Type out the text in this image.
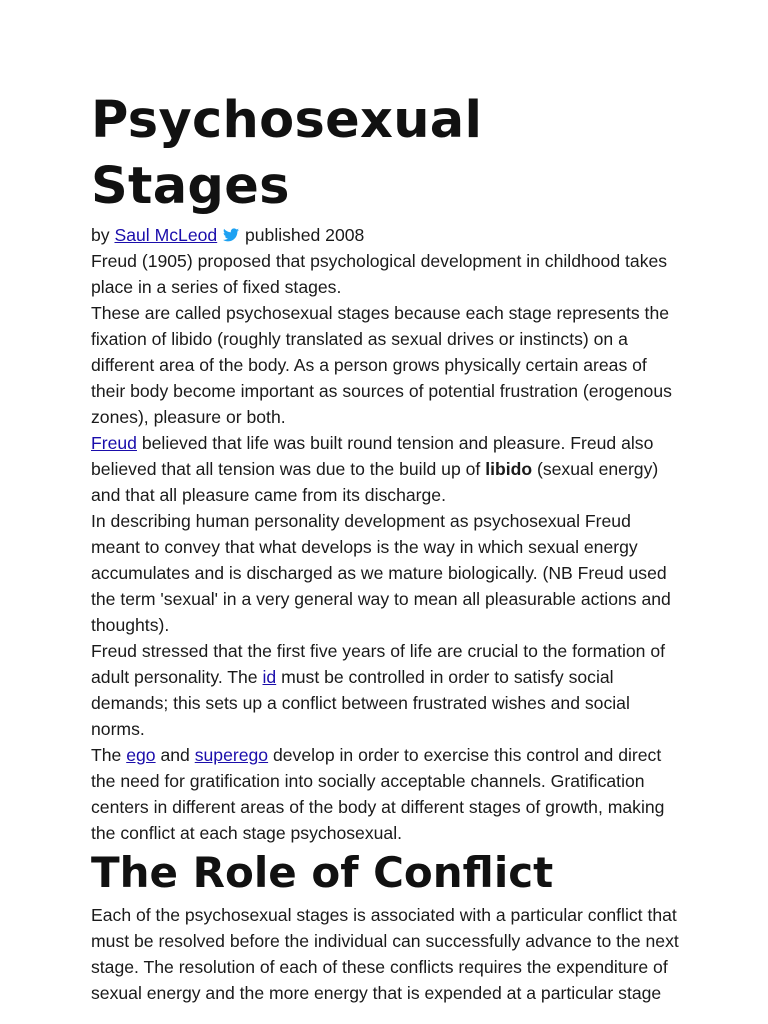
Psychosexual Stages
by Saul McLeod  published 2008

Freud (1905) proposed that psychological development in childhood takes place in a series of fixed stages.

These are called psychosexual stages because each stage represents the fixation of libido (roughly translated as sexual drives or instincts) on a different area of the body. As a person grows physically certain areas of their body become important as sources of potential frustration (erogenous zones), pleasure or both.

Freud believed that life was built round tension and pleasure. Freud also believed that all tension was due to the build up of libido (sexual energy) and that all pleasure came from its discharge.

In describing human personality development as psychosexual Freud meant to convey that what develops is the way in which sexual energy accumulates and is discharged as we mature biologically. (NB Freud used the term 'sexual' in a very general way to mean all pleasurable actions and thoughts).

Freud stressed that the first five years of life are crucial to the formation of adult personality. The id must be controlled in order to satisfy social demands; this sets up a conflict between frustrated wishes and social norms.

The ego and superego develop in order to exercise this control and direct the need for gratification into socially acceptable channels. Gratification centers in different areas of the body at different stages of growth, making the conflict at each stage psychosexual.

The Role of Conflict

Each of the psychosexual stages is associated with a particular conflict that must be resolved before the individual can successfully advance to the next stage. The resolution of each of these conflicts requires the expenditure of sexual energy and the more energy that is expended at a particular stage
